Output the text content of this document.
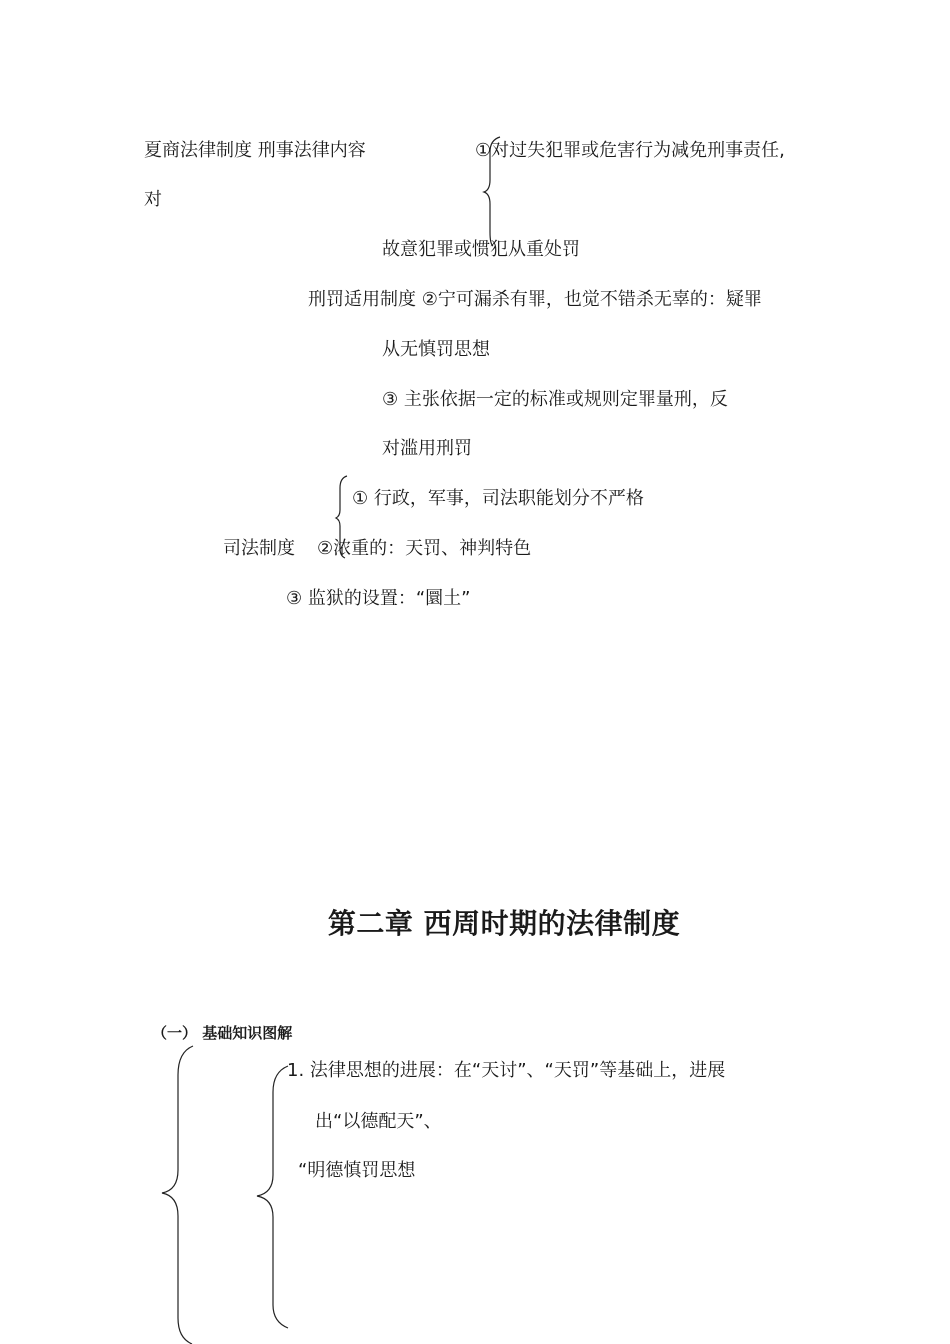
夏商法律制度 刑事法律内容	①对过失犯罪或危害行为减免刑事责任,
对
故意犯罪或惯犯从重处罚
刑罚适用制度 ②宁可漏杀有罪，也觉不错杀无辜的：疑罪
从无慎罚思想
③ 主张依据一定的标准或规则定罪量刑，反
对滥用刑罚
① 行政，军事，司法职能划分不严格
司法制度 ②浓重的：天罚、神判特色
③ 监狱的设置：“圜土”
第二章 西周时期的法律制度
（一） 基础知识图解
1. 法律思想的进展：在“天讨”、“天罚”等基础上，进展
出“以德配天”、
“明德慎罚思想
